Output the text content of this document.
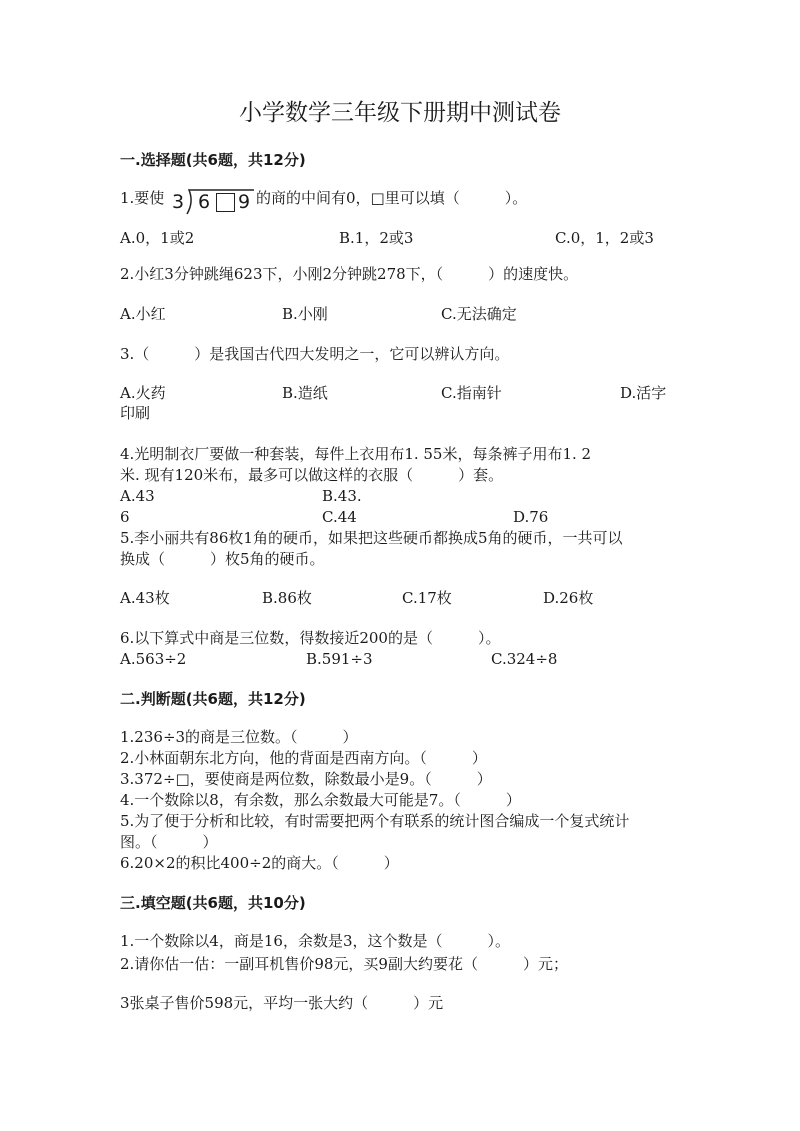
小学数学三年级下册期中测试卷
一.选择题(共6题，共12分)
1.要使 3 6 9 的商的中间有0，□里可以填（　　　）。
A.0，1或2	B.1，2或3	C.0，1，2或3
2.小红3分钟跳绳623下，小刚2分钟跳278下，（　　　）的速度快。
A.小红	B.小刚	C.无法确定
3.（　　　）是我国古代四大发明之一，它可以辨认方向。
A.火药	B.造纸	C.指南针	D.活字
印刷
4.光明制衣厂要做一种套装，每件上衣用布1. 55米，每条裤子用布1. 2
米. 现有120米布，最多可以做这样的衣服（　　　）套。
A.43	B.43.
6	C.44	D.76
5.李小丽共有86枚1角的硬币，如果把这些硬币都换成5角的硬币，一共可以
换成（　　　）枚5角的硬币。
A.43枚	B.86枚	C.17枚	D.26枚
6.以下算式中商是三位数，得数接近200的是（　　　）。
A.563÷2	B.591÷3	C.324÷8
二.判断题(共6题，共12分)
1.236÷3的商是三位数。（　　　）
2.小林面朝东北方向，他的背面是西南方向。（　　　）
3.372÷□，要使商是两位数，除数最小是9。（　　　）
4.一个数除以8，有余数，那么余数最大可能是7。（　　　）
5.为了便于分析和比较，有时需要把两个有联系的统计图合编成一个复式统计
图。（　　　）
6.20×2的积比400÷2的商大。（　　　）
三.填空题(共6题，共10分)
1.一个数除以4，商是16，余数是3，这个数是（　　　）。
2.请你估一估：一副耳机售价98元，买9副大约要花（　　　）元；
3张桌子售价598元，平均一张大约（　　　）元
